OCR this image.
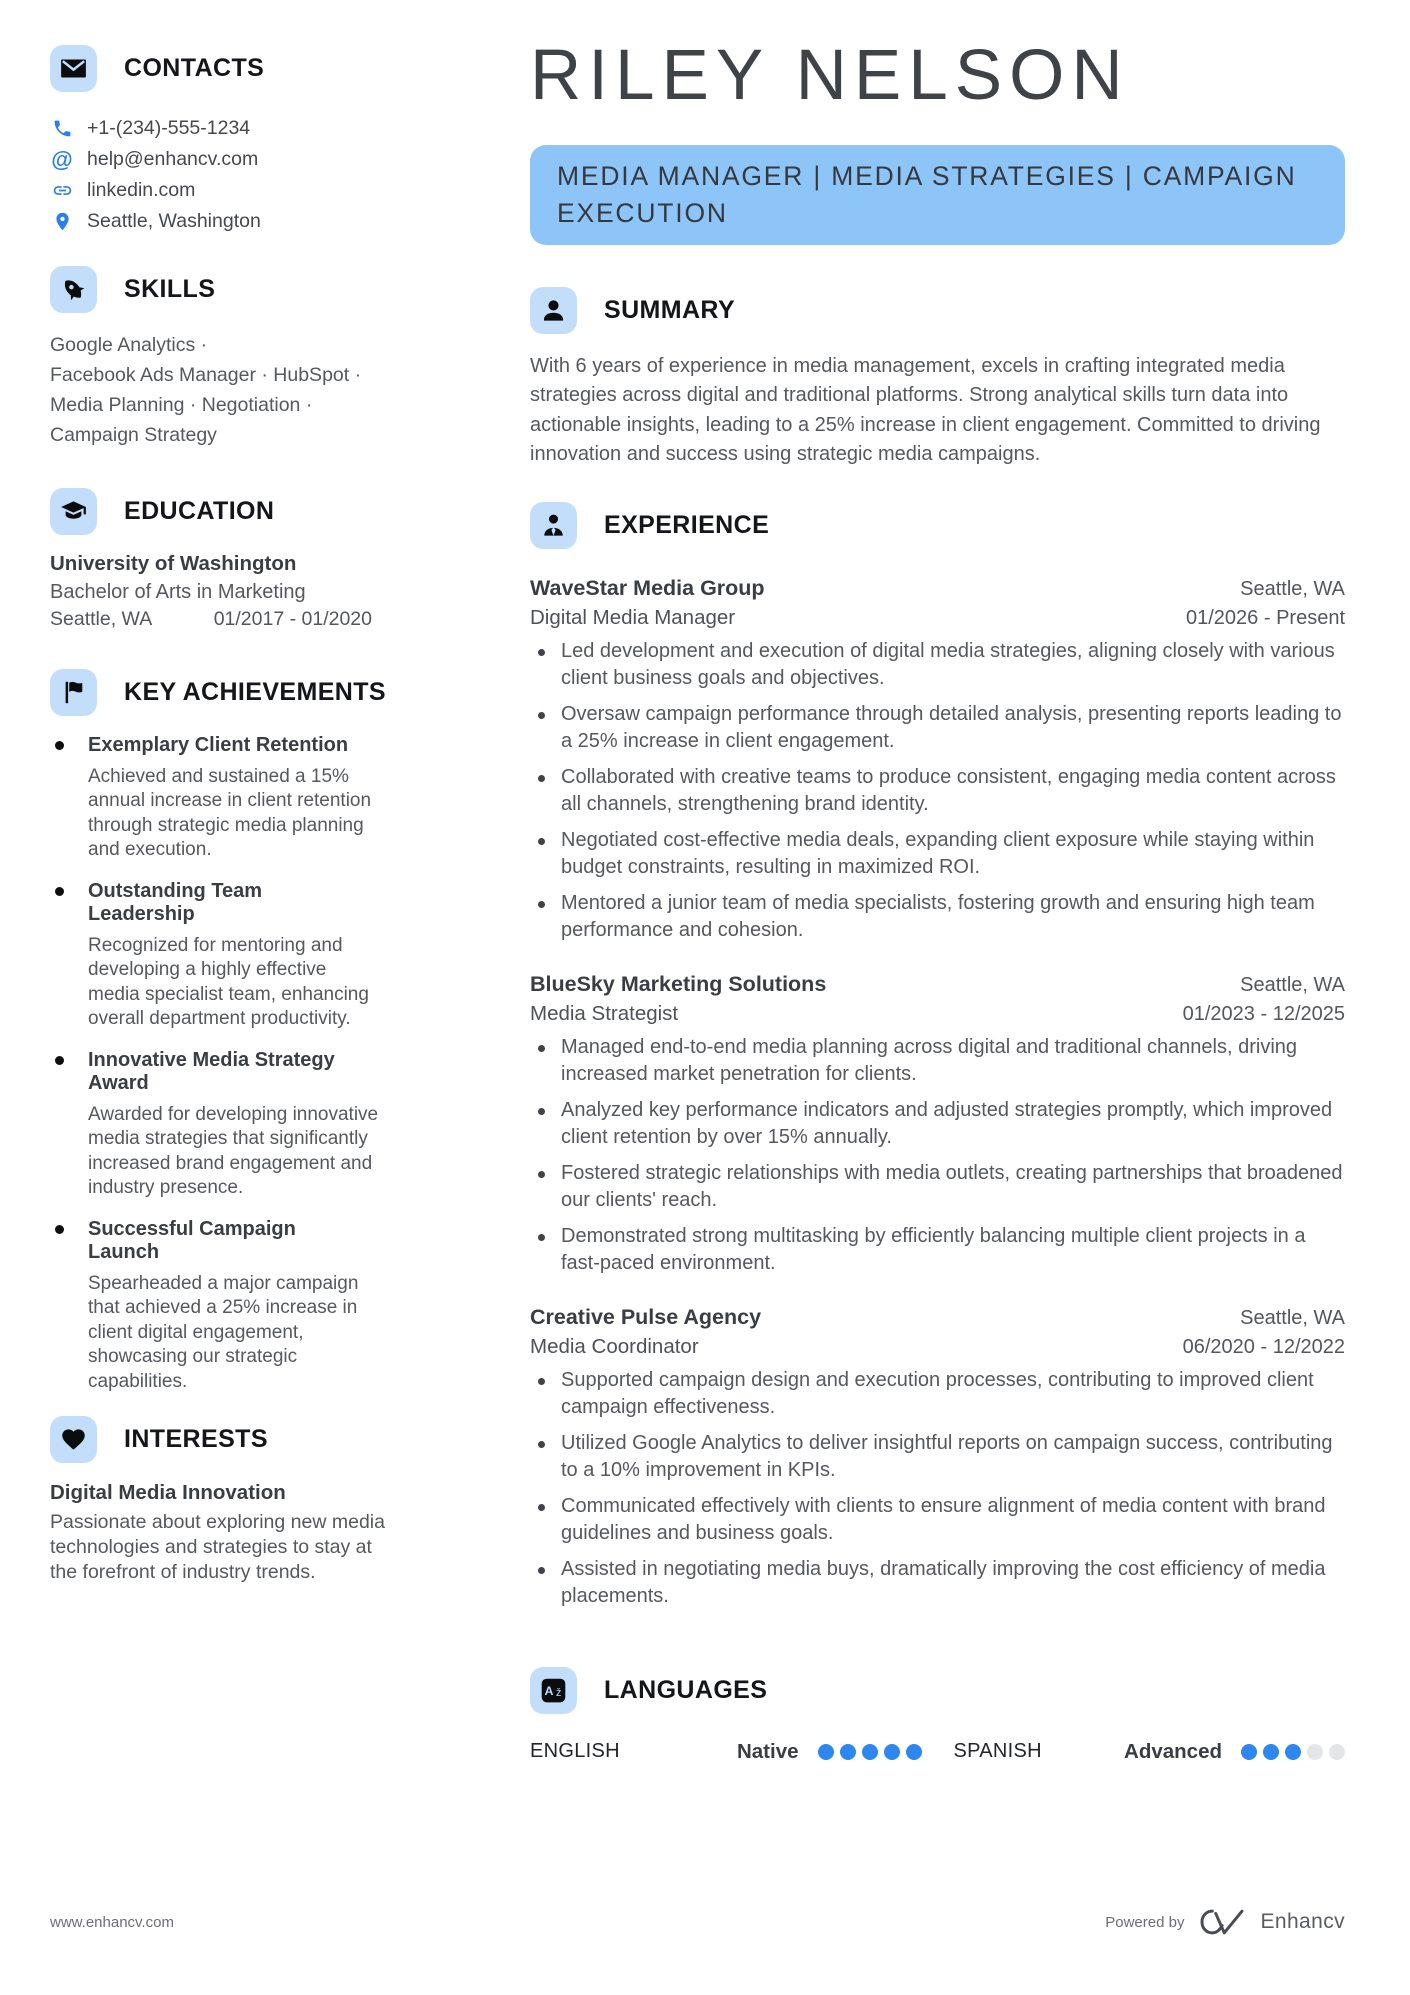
CONTACTS
+1-(234)-555-1234
@ help@enhancv.com
linkedin.com
Seattle, Washington
SKILLS
Google Analytics ·
Facebook Ads Manager · HubSpot ·
Media Planning · Negotiation ·
Campaign Strategy
EDUCATION
University of Washington
Bachelor of Arts in Marketing
Seattle, WA	01/2017 - 01/2020
KEY ACHIEVEMENTS
Exemplary Client Retention
Achieved and sustained a 15% annual increase in client retention through strategic media planning and execution.
Outstanding Team Leadership
Recognized for mentoring and developing a highly effective media specialist team, enhancing overall department productivity.
Innovative Media Strategy Award
Awarded for developing innovative media strategies that significantly increased brand engagement and industry presence.
Successful Campaign Launch
Spearheaded a major campaign that achieved a 25% increase in client digital engagement, showcasing our strategic capabilities.
INTERESTS
Digital Media Innovation
Passionate about exploring new media technologies and strategies to stay at the forefront of industry trends.
RILEY NELSON
MEDIA MANAGER | MEDIA STRATEGIES | CAMPAIGN EXECUTION
SUMMARY

With 6 years of experience in media management, excels in crafting integrated media strategies across digital and traditional platforms. Strong analytical skills turn data into actionable insights, leading to a 25% increase in client engagement. Committed to driving innovation and success using strategic media campaigns.

EXPERIENCE
WaveStar Media Group	Seattle, WA
Digital Media Manager	01/2026 - Present
Led development and execution of digital media strategies, aligning closely with various client business goals and objectives.
Oversaw campaign performance through detailed analysis, presenting reports leading to a 25% increase in client engagement.
Collaborated with creative teams to produce consistent, engaging media content across all channels, strengthening brand identity.
Negotiated cost-effective media deals, expanding client exposure while staying within budget constraints, resulting in maximized ROI.
Mentored a junior team of media specialists, fostering growth and ensuring high team performance and cohesion.
BlueSky Marketing Solutions	Seattle, WA
Media Strategist	01/2023 - 12/2025
Managed end-to-end media planning across digital and traditional channels, driving increased market penetration for clients.
Analyzed key performance indicators and adjusted strategies promptly, which improved client retention by over 15% annually.
Fostered strategic relationships with media outlets, creating partnerships that broadened our clients' reach.
Demonstrated strong multitasking by efficiently balancing multiple client projects in a fast-paced environment.
Creative Pulse Agency	Seattle, WA
Media Coordinator	06/2020 - 12/2022
Supported campaign design and execution processes, contributing to improved client campaign effectiveness.
Utilized Google Analytics to deliver insightful reports on campaign success, contributing to a 10% improvement in KPIs.
Communicated effectively with clients to ensure alignment of media content with brand guidelines and business goals.
Assisted in negotiating media buys, dramatically improving the cost efficiency of media placements.
A ž LANGUAGES
ENGLISH	Native	SPANISH	Advanced
www.enhancv.com	Powered by	Enhancv
